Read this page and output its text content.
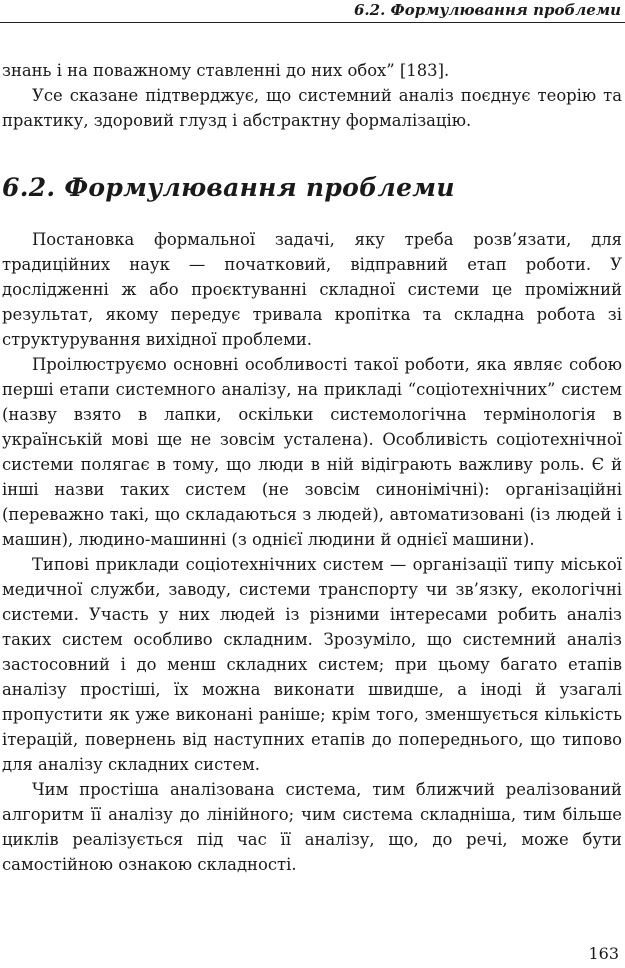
6.2. Формулювання проблеми

знань і на поважному ставленні до них обох” [183].

Усе сказане підтверджує, що системний аналіз поєднує теорію та практику, здоровий глузд і абстрактну формалізацію.

6.2. Формулювання проблеми

Постановка формальної задачі, яку треба розв’язати, для традиційних наук — початковий, відправний етап роботи. У дослідженні ж або проєктуванні складної системи це проміжний результат, якому передує тривала кропітка та складна робота зі структурування вихідної проблеми.

Проілюструємо основні особливості такої роботи, яка являє собою перші етапи системного аналізу, на прикладі “соціотехнічних” систем (назву взято в лапки, оскільки системологічна термінологія в українській мові ще не зовсім усталена). Особливість соціотехнічної системи полягає в тому, що люди в ній відіграють важливу роль. Є й інші назви таких систем (не зовсім синонімічні): організаційні (переважно такі, що складаються з людей), автоматизовані (із людей і машин), людино-машинні (з однієї людини й однієї машини).

Типові приклади соціотехнічних систем — організації типу міської медичної служби, заводу, системи транспорту чи зв’язку, екологічні системи. Участь у них людей із різними інтересами робить аналіз таких систем особливо складним. Зрозуміло, що системний аналіз застосовний і до менш складних систем; при цьому багато етапів аналізу простіші, їх можна виконати швидше, а іноді й узагалі пропустити як уже виконані раніше; крім того, зменшується кількість ітерацій, повернень від наступних етапів до попереднього, що типово для аналізу складних систем.

Чим простіша аналізована система, тим ближчий реалізований алгоритм її аналізу до лінійного; чим система складніша, тим більше циклів реалізується під час її аналізу, що, до речі, може бути самостійною ознакою складності.

163
